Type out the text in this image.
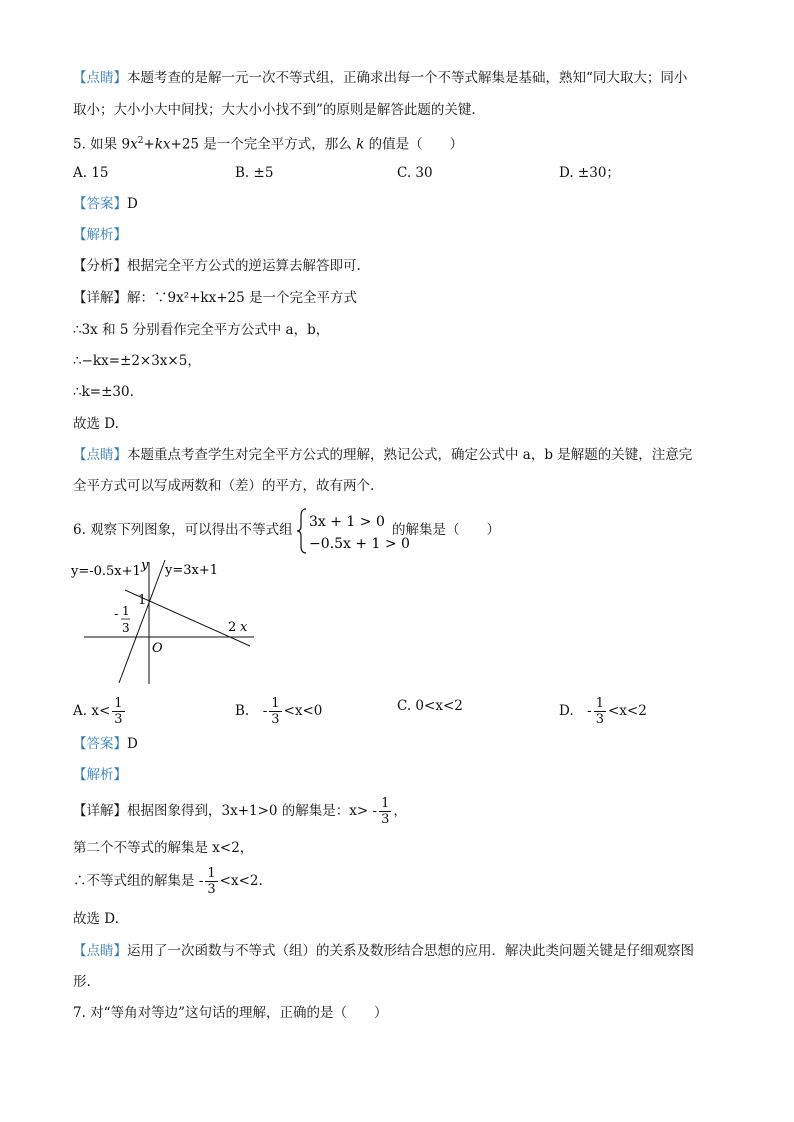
【点睛】本题考查的是解一元一次不等式组，正确求出每一个不等式解集是基础，熟知“同大取大；同小
取小；大小小大中间找；大大小小找不到”的原则是解答此题的关键.
5. 如果 $9x^2+kx+25$ 是一个完全平方式，那么 k 的值是（　　）
A. 15	B. ±5	C. 30	D. ±30；
【答案】D
【解析】
【分析】根据完全平方公式的逆运算去解答即可.
【详解】解：∵9x²+kx+25 是一个完全平方式
∴3x 和 5 分别看作完全平方公式中 a，b，
∴−kx=±2×3x×5，
∴k=±30.
故选 D.
【点睛】本题重点考查学生对完全平方公式的理解，熟记公式，确定公式中 a，b 是解题的关键，注意完
全平方式可以写成两数和（差）的平方，故有两个.
6. 观察下列图象，可以得出不等式组 3x + 1 > 0
−0.5x + 1 > 0
的解集是（　　）
y=-0.5x+1 y=3x+1
y
x
O
1
2
- 1
3
A. $x< \frac{1}{3}$	B.　- $\frac{1}{3} <x<0$	C. 0<x<2	D.　- $\frac{1}{3} <x<2$
【答案】D
【解析】
【详解】根据图象得到，3x+1>0 的解集是：$x> - \frac{1}{3}$ ，
第二个不等式的解集是 x<2，
∴不等式组的解集是 - $\frac{1}{3} <x<2$.
故选 D.
【点睛】运用了一次函数与不等式（组）的关系及数形结合思想的应用．解决此类问题关键是仔细观察图
形.
7. 对“等角对等边”这句话的理解，正确的是（　　）
